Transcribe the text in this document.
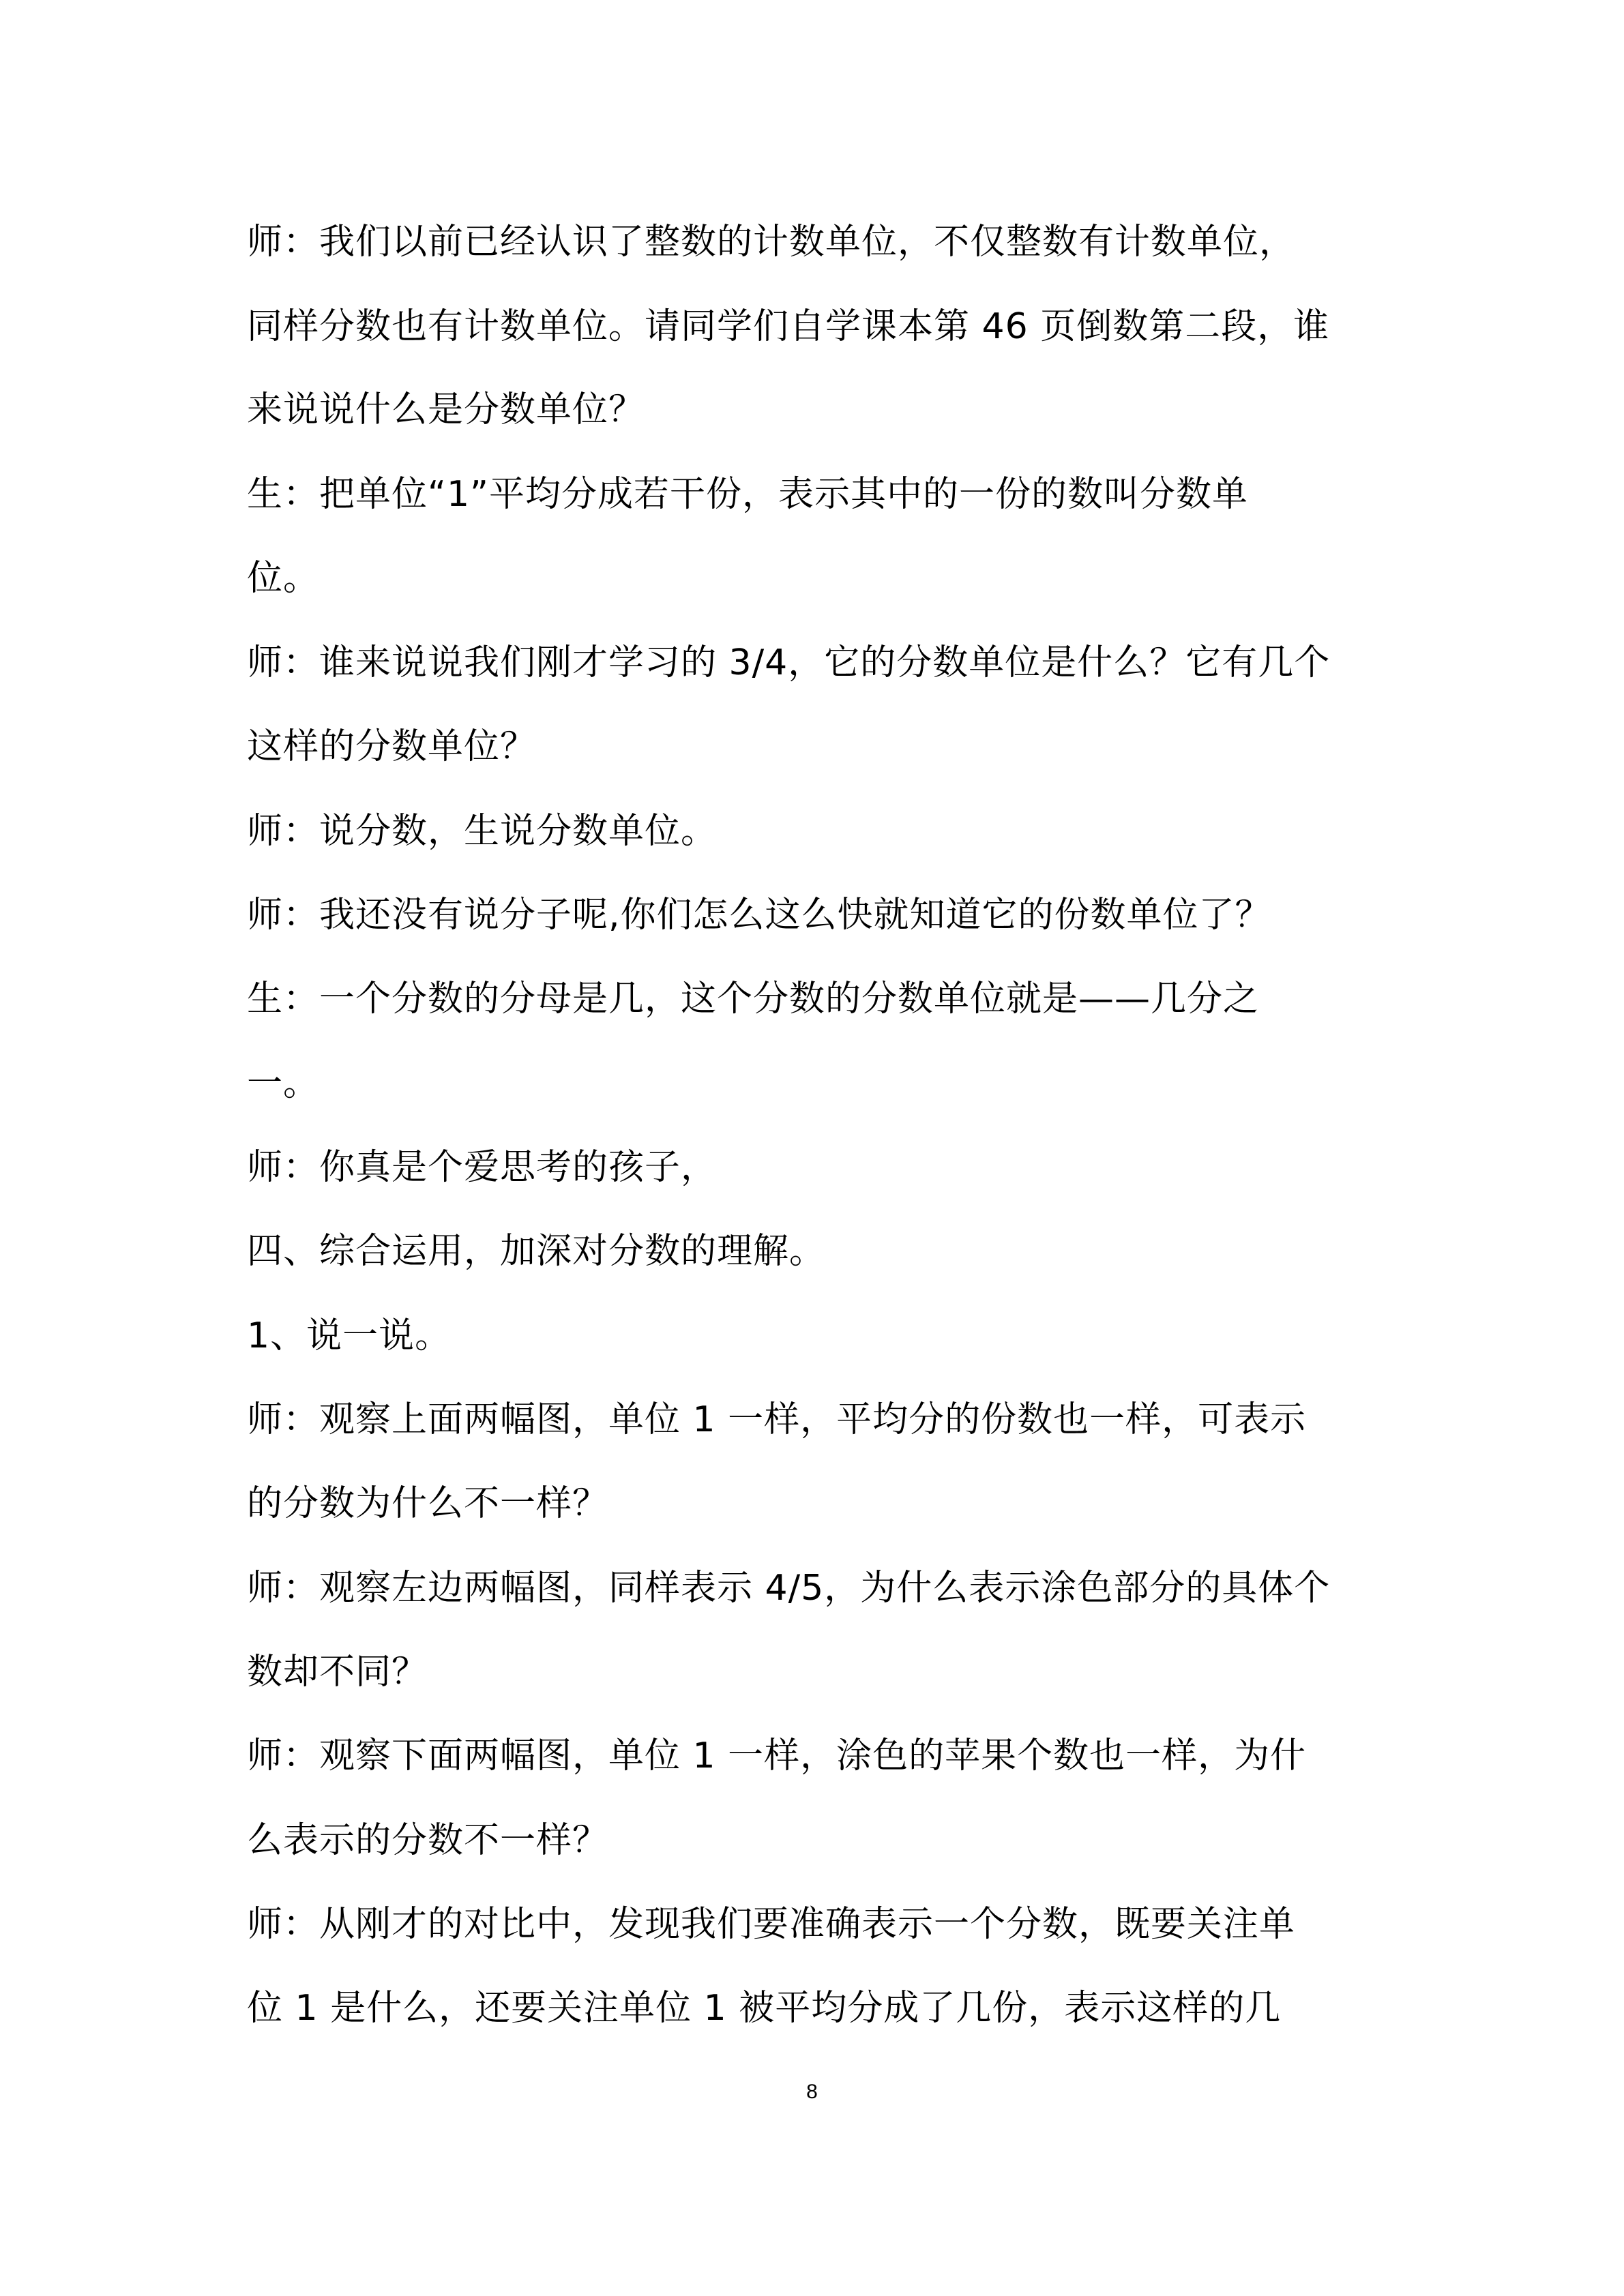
师：我们以前已经认识了整数的计数单位，不仅整数有计数单位，
同样分数也有计数单位。请同学们自学课本第 46 页倒数第二段，谁
来说说什么是分数单位？
生：把单位“1”平均分成若干份，表示其中的一份的数叫分数单
位。
师：谁来说说我们刚才学习的 3/4，它的分数单位是什么？它有几个
这样的分数单位？
师：说分数，生说分数单位。
师：我还没有说分子呢,你们怎么这么快就知道它的份数单位了？
生：一个分数的分母是几，这个分数的分数单位就是——几分之
一。
师：你真是个爱思考的孩子，
四、综合运用，加深对分数的理解。
1、说一说。
师：观察上面两幅图，单位 1 一样，平均分的份数也一样，可表示
的分数为什么不一样？
师：观察左边两幅图，同样表示 4/5，为什么表示涂色部分的具体个
数却不同？
师：观察下面两幅图，单位 1 一样，涂色的苹果个数也一样，为什
么表示的分数不一样？
师：从刚才的对比中，发现我们要准确表示一个分数，既要关注单
位 1 是什么，还要关注单位 1 被平均分成了几份，表示这样的几
8
